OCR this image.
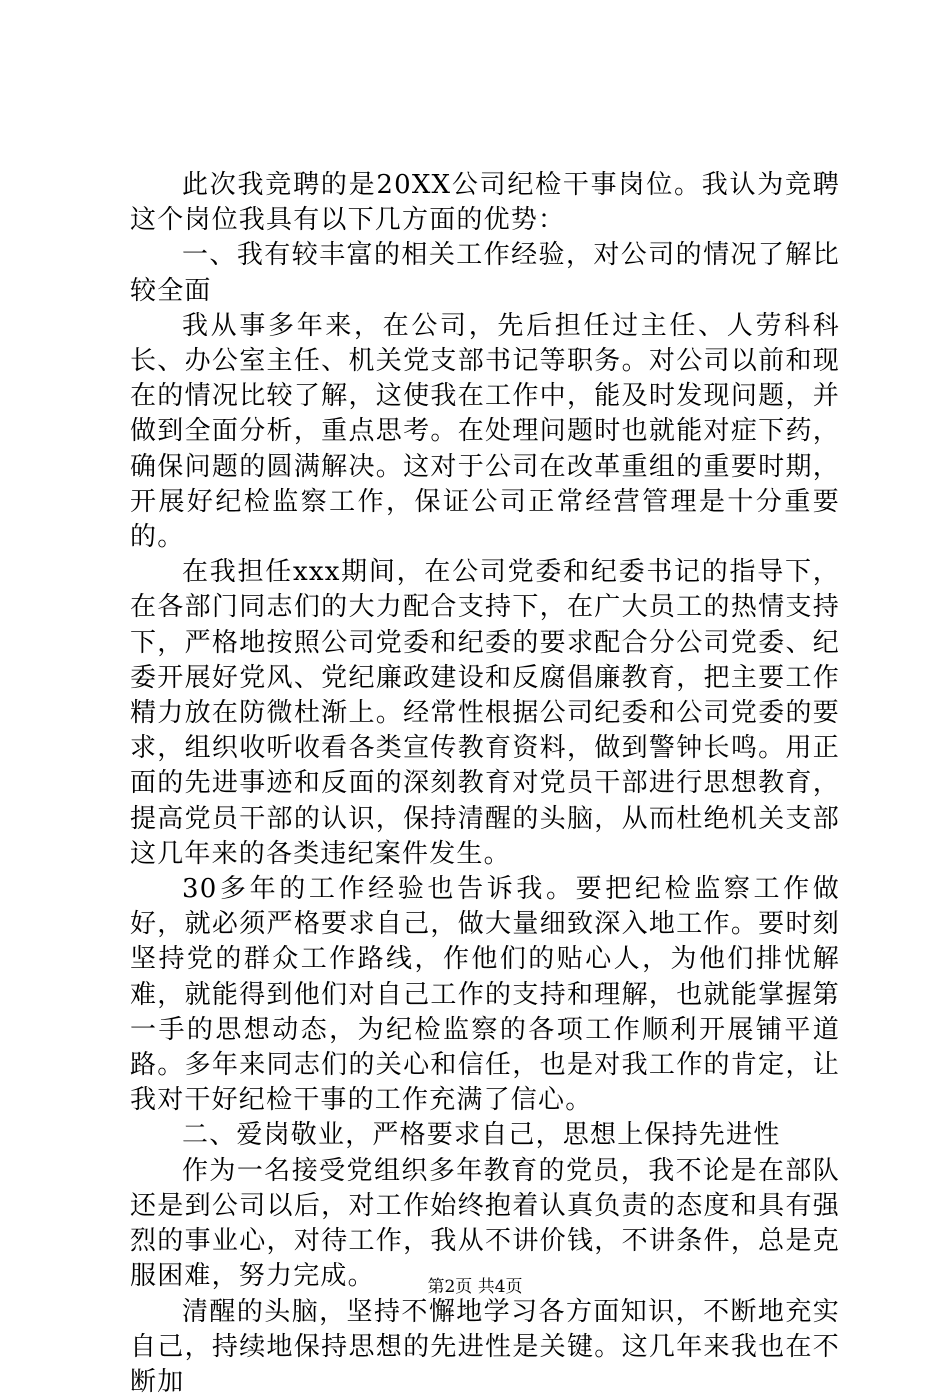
此次我竞聘的是20XX公司纪检干事岗位。我认为竞聘这个岗位我具有以下几方面的优势：

一、我有较丰富的相关工作经验，对公司的情况了解比较全面

我从事多年来，在公司，先后担任过主任、人劳科科长、办公室主任、机关党支部书记等职务。对公司以前和现在的情况比较了解，这使我在工作中，能及时发现问题，并做到全面分析，重点思考。在处理问题时也就能对症下药，确保问题的圆满解决。这对于公司在改革重组的重要时期，开展好纪检监察工作，保证公司正常经营管理是十分重要的。

在我担任xxx期间，在公司党委和纪委书记的指导下，在各部门同志们的大力配合支持下，在广大员工的热情支持下，严格地按照公司党委和纪委的要求配合分公司党委、纪委开展好党风、党纪廉政建设和反腐倡廉教育，把主要工作精力放在防微杜渐上。经常性根据公司纪委和公司党委的要求，组织收听收看各类宣传教育资料，做到警钟长鸣。用正面的先进事迹和反面的深刻教育对党员干部进行思想教育，提高党员干部的认识，保持清醒的头脑，从而杜绝机关支部这几年来的各类违纪案件发生。

30多年的工作经验也告诉我。要把纪检监察工作做好，就必须严格要求自己，做大量细致深入地工作。要时刻坚持党的群众工作路线，作他们的贴心人，为他们排忧解难，就能得到他们对自己工作的支持和理解，也就能掌握第一手的思想动态，为纪检监察的各项工作顺利开展铺平道路。多年来同志们的关心和信任，也是对我工作的肯定，让我对干好纪检干事的工作充满了信心。

二、爱岗敬业，严格要求自己，思想上保持先进性

作为一名接受党组织多年教育的党员，我不论是在部队还是到公司以后，对工作始终抱着认真负责的态度和具有强烈的事业心，对待工作，我从不讲价钱，不讲条件，总是克服困难，努力完成。

清醒的头脑，坚持不懈地学习各方面知识，不断地充实自己，持续地保持思想的先进性是关键。这几年来我也在不断加

第2页 共4页
